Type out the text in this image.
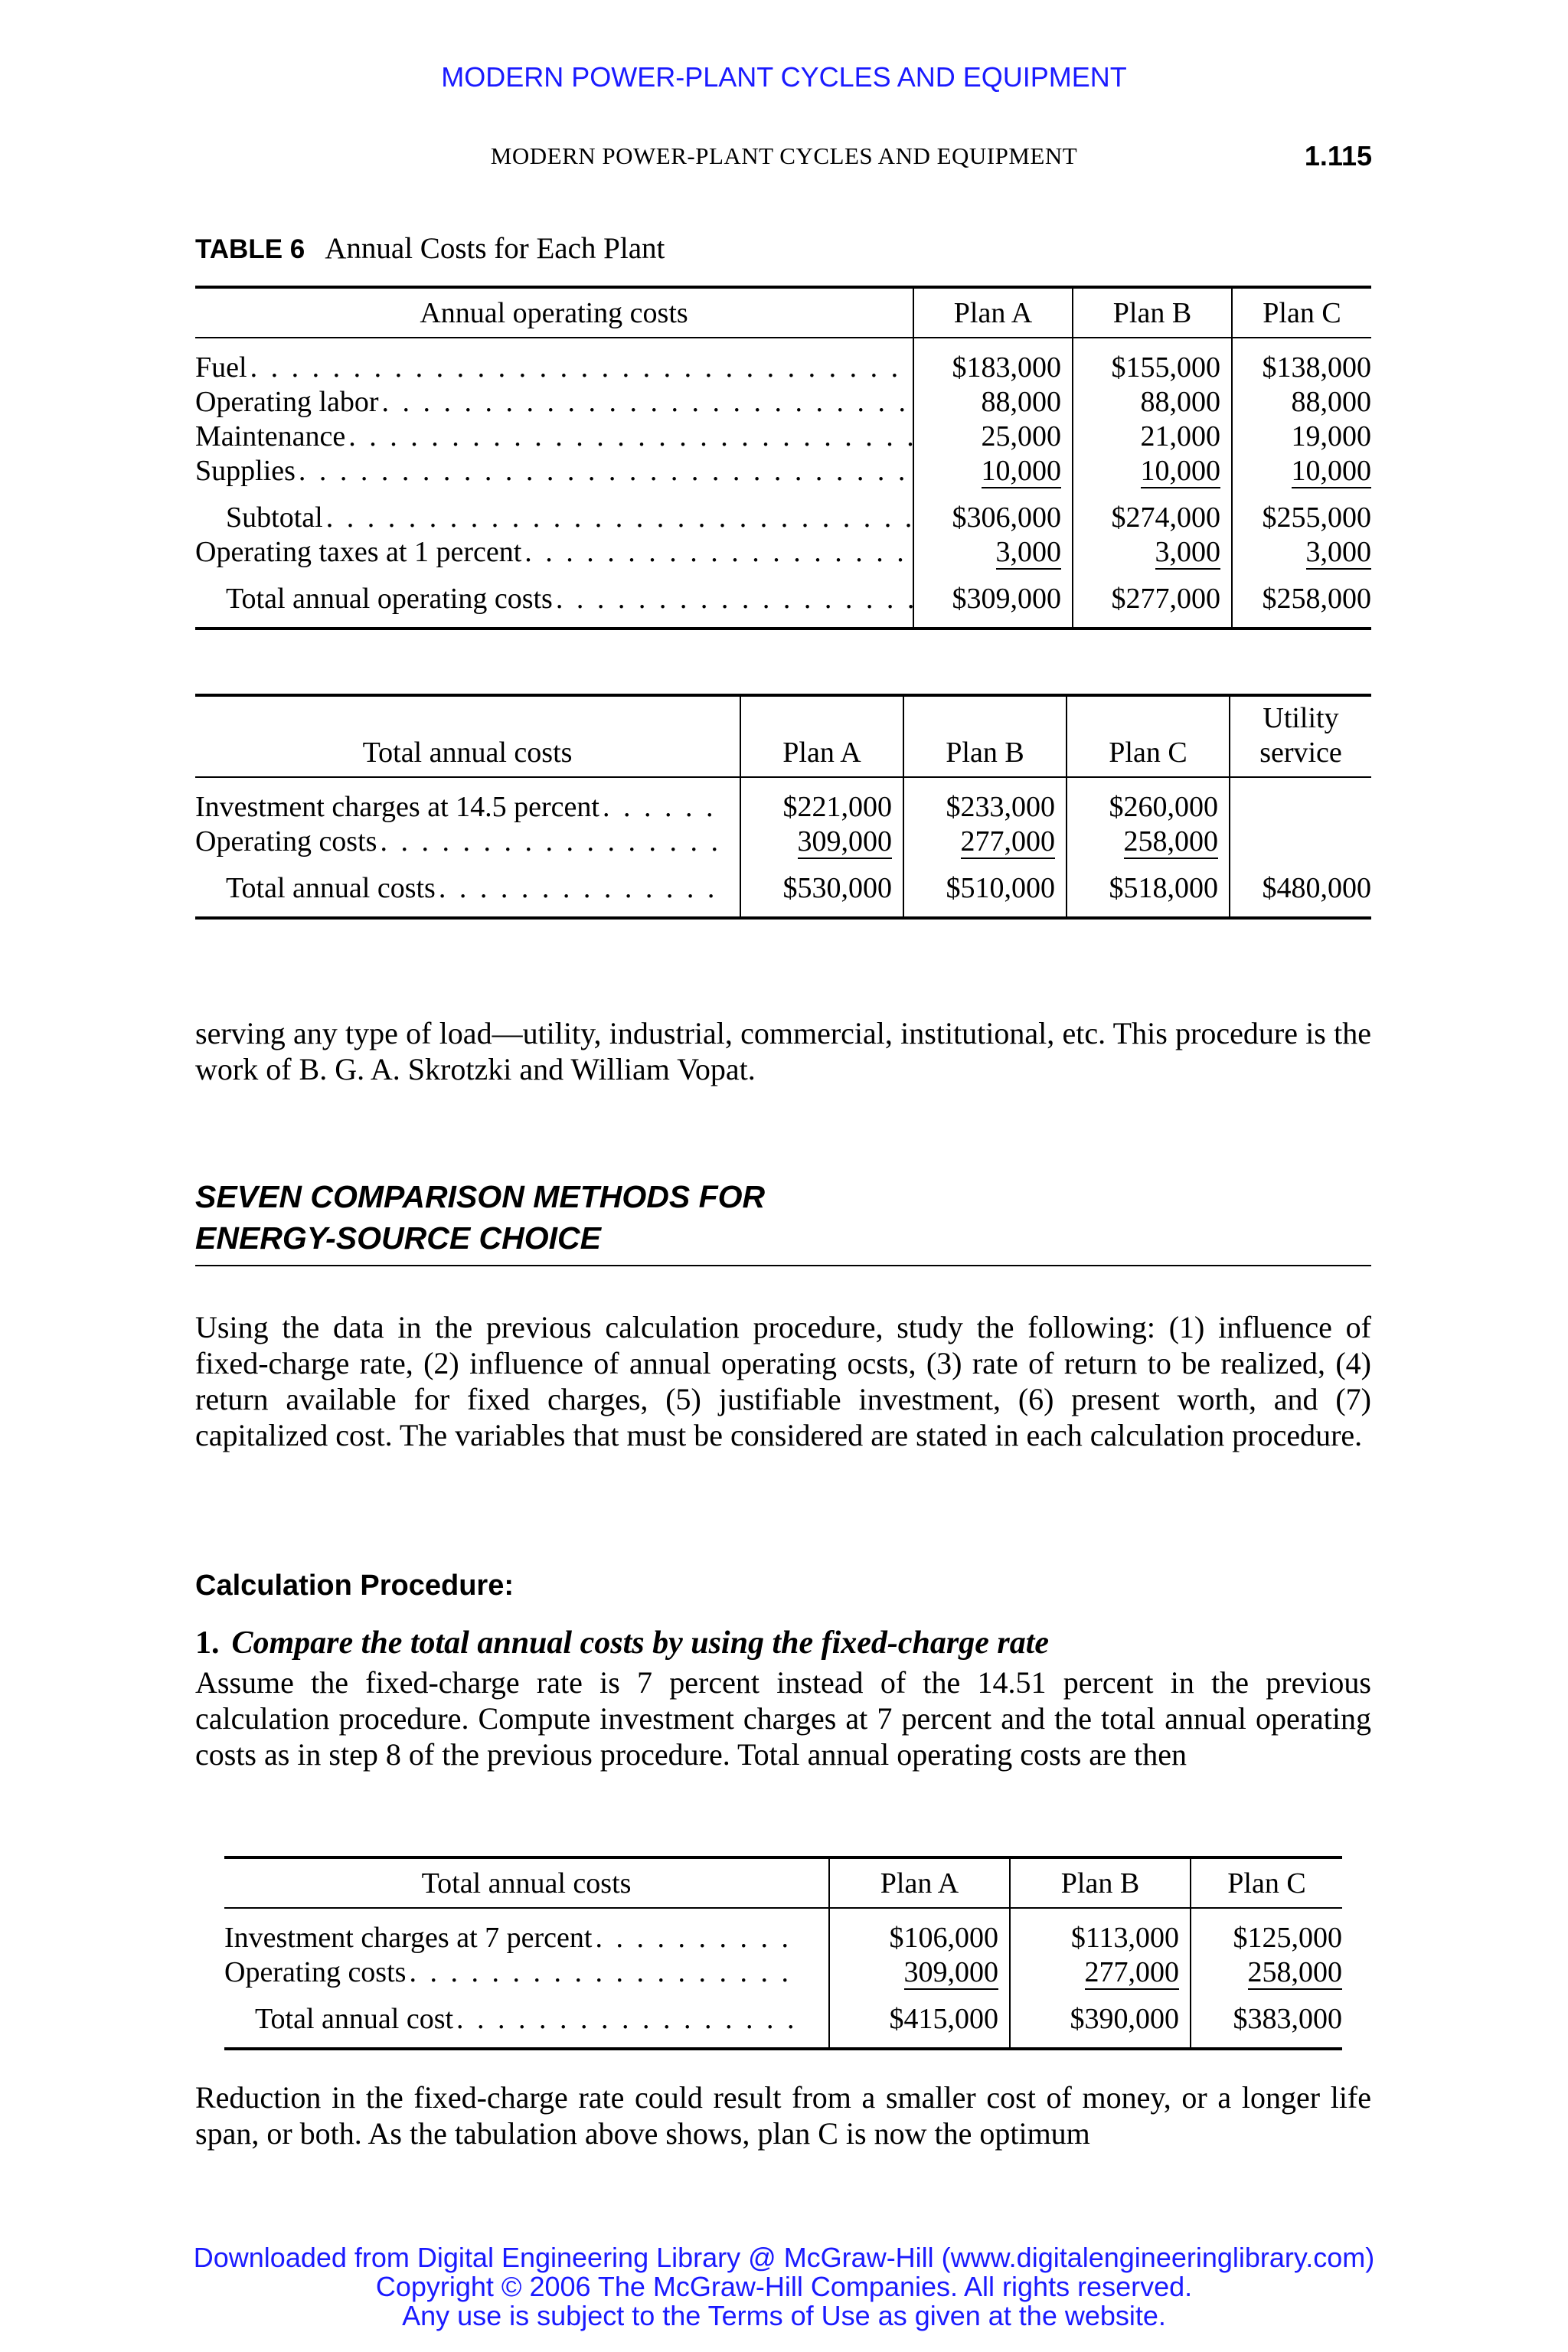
MODERN POWER-PLANT CYCLES AND EQUIPMENT
MODERN POWER-PLANT CYCLES AND EQUIPMENT	1.115
TABLE 6 Annual Costs for Each Plant
Annual operating costs	Plan A	Plan B	Plan C

Fuel
. . .	$183,000	$155,000	$138,000

Operating labor
. . .	88,000	88,000	88,000

Maintenance
. . .	25,000	21,000	19,000

Supplies
. . .	10,000	10,000	10,000

Subtotal
. . .	$306,000	$274,000	$255,000

Operating taxes at 1 percent
. . .	3,000	3,000	3,000

Total annual operating costs
. . .	$309,000	$277,000	$258,000
Total annual costs	Plan A	Plan B	Plan C	Utility
service

Investment charges at 14.5 percent
. . .	$221,000	$233,000	$260,000	

Operating costs
. . .	309,000	277,000	258,000	

Total annual costs
. . .	$530,000	$510,000	$518,000	$480,000

serving any type of load—utility, industrial, commercial, institutional, etc. This procedure is the work of B. G. A. Skrotzki and William Vopat.

SEVEN COMPARISON METHODS FOR
ENERGY-SOURCE CHOICE

Using the data in the previous calculation procedure, study the following: (1) influence of fixed-charge rate, (2) influence of annual operating ocsts, (3) rate of return to be realized, (4) return available for fixed charges, (5) justifiable investment, (6) present worth, and (7) capitalized cost. The variables that must be considered are stated in each calculation procedure.

Calculation Procedure:
1. Compare the total annual costs by using the fixed-charge rate

Assume the fixed-charge rate is 7 percent instead of the 14.51 percent in the previous calculation procedure. Compute investment charges at 7 percent and the total annual operating costs as in step 8 of the previous procedure. Total annual operating costs are then

Total annual costs	Plan A	Plan B	Plan C

Investment charges at 7 percent
. . .	$106,000	$113,000	$125,000

Operating costs
. . .	309,000	277,000	258,000

Total annual cost
. . .	$415,000	$390,000	$383,000

Reduction in the fixed-charge rate could result from a smaller cost of money, or a longer life span, or both. As the tabulation above shows, plan C is now the optimum

Downloaded from Digital Engineering Library @ McGraw-Hill (www.digitalengineeringlibrary.com)
Copyright © 2006 The McGraw-Hill Companies. All rights reserved.
Any use is subject to the Terms of Use as given at the website.
